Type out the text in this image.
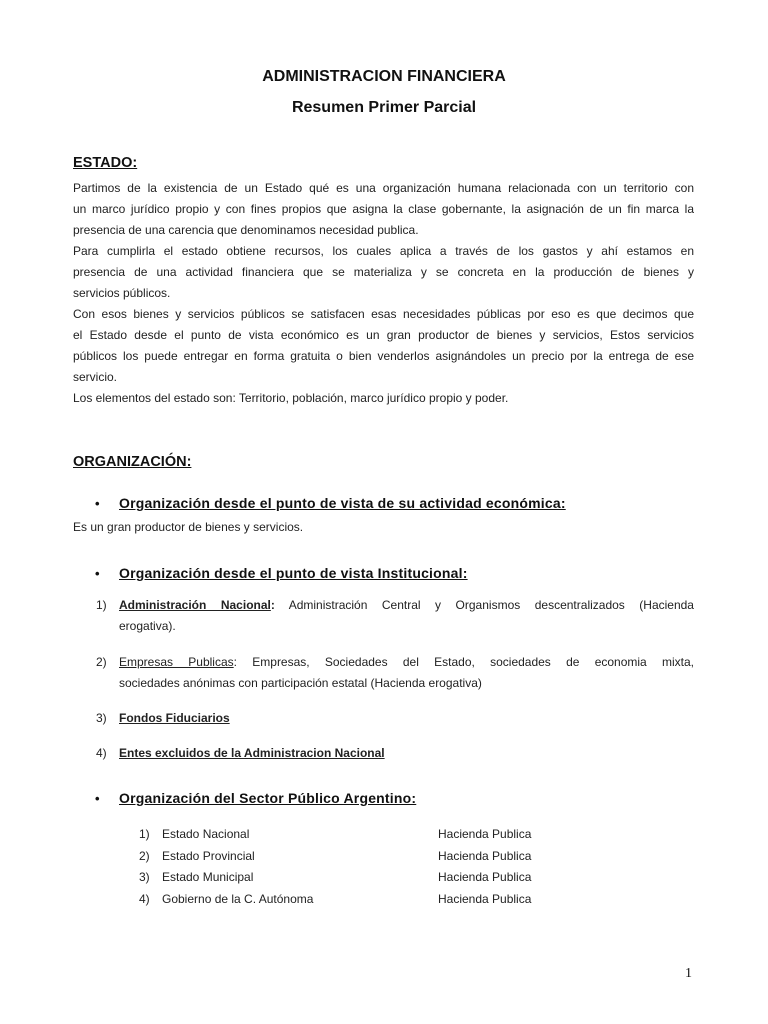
ADMINISTRACION FINANCIERA
Resumen Primer Parcial
ESTADO:
Partimos de la existencia de un Estado qué es una organización humana relacionada con un territorio con
un marco jurídico propio y con fines propios que asigna la clase gobernante, la asignación de un fin marca la
presencia de una carencia que denominamos necesidad publica.
Para cumplirla el estado obtiene recursos, los cuales aplica a través de los gastos y ahí estamos en
presencia de una actividad financiera que se materializa y se concreta en la producción de bienes y
servicios públicos.
Con esos bienes y servicios públicos se satisfacen esas necesidades públicas por eso es que decimos que
el Estado desde el punto de vista económico es un gran productor de bienes y servicios, Estos servicios
públicos los puede entregar en forma gratuita o bien venderlos asignándoles un precio por la entrega de ese
servicio.
Los elementos del estado son: Territorio, población, marco jurídico propio y poder.
ORGANIZACIÓN:
• Organización desde el punto de vista de su actividad económica:
Es un gran productor de bienes y servicios.
• Organización desde el punto de vista Institucional:
1) Administración Nacional: Administración Central y Organismos descentralizados (Hacienda
erogativa).
2) Empresas Publicas: Empresas, Sociedades del Estado, sociedades de economia mixta,
sociedades anónimas con participación estatal (Hacienda erogativa)
3) Fondos Fiduciarios
4) Entes excluidos de la Administracion Nacional
• Organización del Sector Público Argentino:
1) Estado Nacional	Hacienda Publica
2) Estado Provincial	Hacienda Publica
3) Estado Municipal	Hacienda Publica
4) Gobierno de la C. Autónoma	Hacienda Publica
1
